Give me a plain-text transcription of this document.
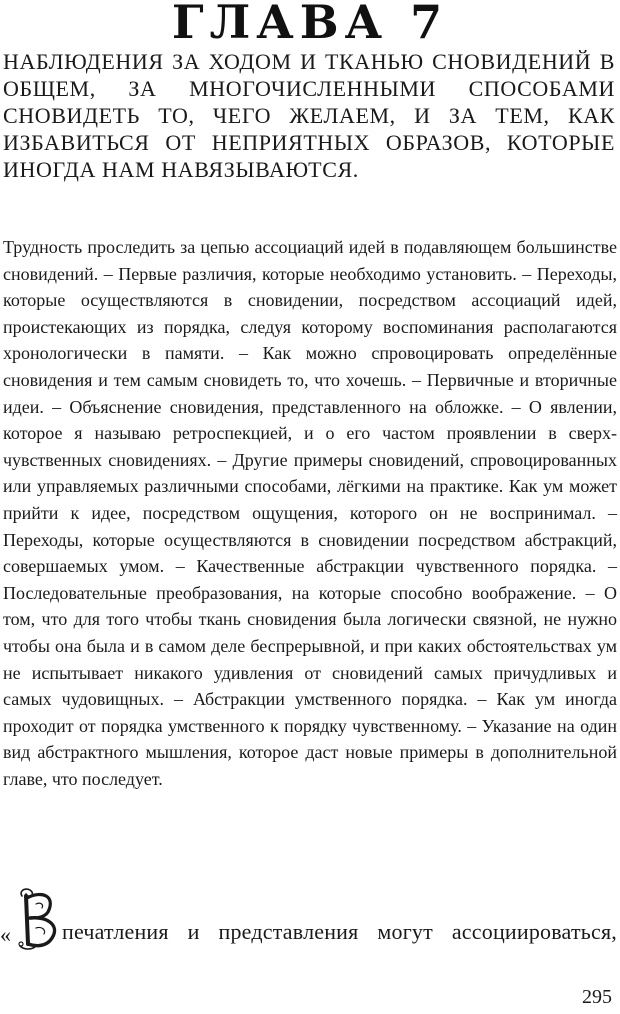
ГЛАВА 7
НАБЛЮДЕНИЯ ЗА ХОДОМ И ТКАНЬЮ СНОВИДЕНИЙ В ОБЩЕМ, ЗА МНОГОЧИСЛЕННЫМИ СПОСОБАМИ СНОВИДЕТЬ ТО, ЧЕГО ЖЕЛАЕМ, И ЗА ТЕМ, КАК ИЗБАВИТЬСЯ ОТ НЕПРИЯТНЫХ ОБРАЗОВ, КОТОРЫЕ ИНОГДА НАМ НАВЯЗЫВАЮТСЯ.
Трудность проследить за цепью ассоциаций идей в подавляющем большинстве сновидений. – Первые различия, которые необходимо установить. – Переходы, которые осуществляются в сновидении, посредством ассоциаций идей, проистекающих из порядка, следуя которому воспоминания располагаются хронологически в памяти. – Как можно спровоцировать определённые сновидения и тем самым сновидеть то, что хочешь. – Первичные и вторичные идеи. – Объяснение сновидения, представленного на обложке. – О явлении, которое я называю ретроспекцией, и о его частом проявлении в сверхчувственных сновидениях. – Другие примеры сновидений, спровоцированных или управляемых различными способами, лёгкими на практике. Как ум может прийти к идее, посредством ощущения, которого он не воспринимал. – Переходы, которые осуществляются в сновидении посредством абстракций, совершаемых умом. – Качественные абстракции чувственного порядка. – Последовательные преобразования, на которые способно воображение. – О том, что для того чтобы ткань сновидения была логически связной, не нужно чтобы она была и в самом деле беспрерывной, и при каких обстоятельствах ум не испытывает никакого удивления от сновидений самых причудливых и самых чудовищных. – Абстракции умственного порядка. – Как ум иногда проходит от порядка умственного к порядку чувственному. – Указание на один вид абстрактного мышления, которое даст новые примеры в дополнительной главе, что последует.
« печатления и представления могут ассоциироваться,
295
